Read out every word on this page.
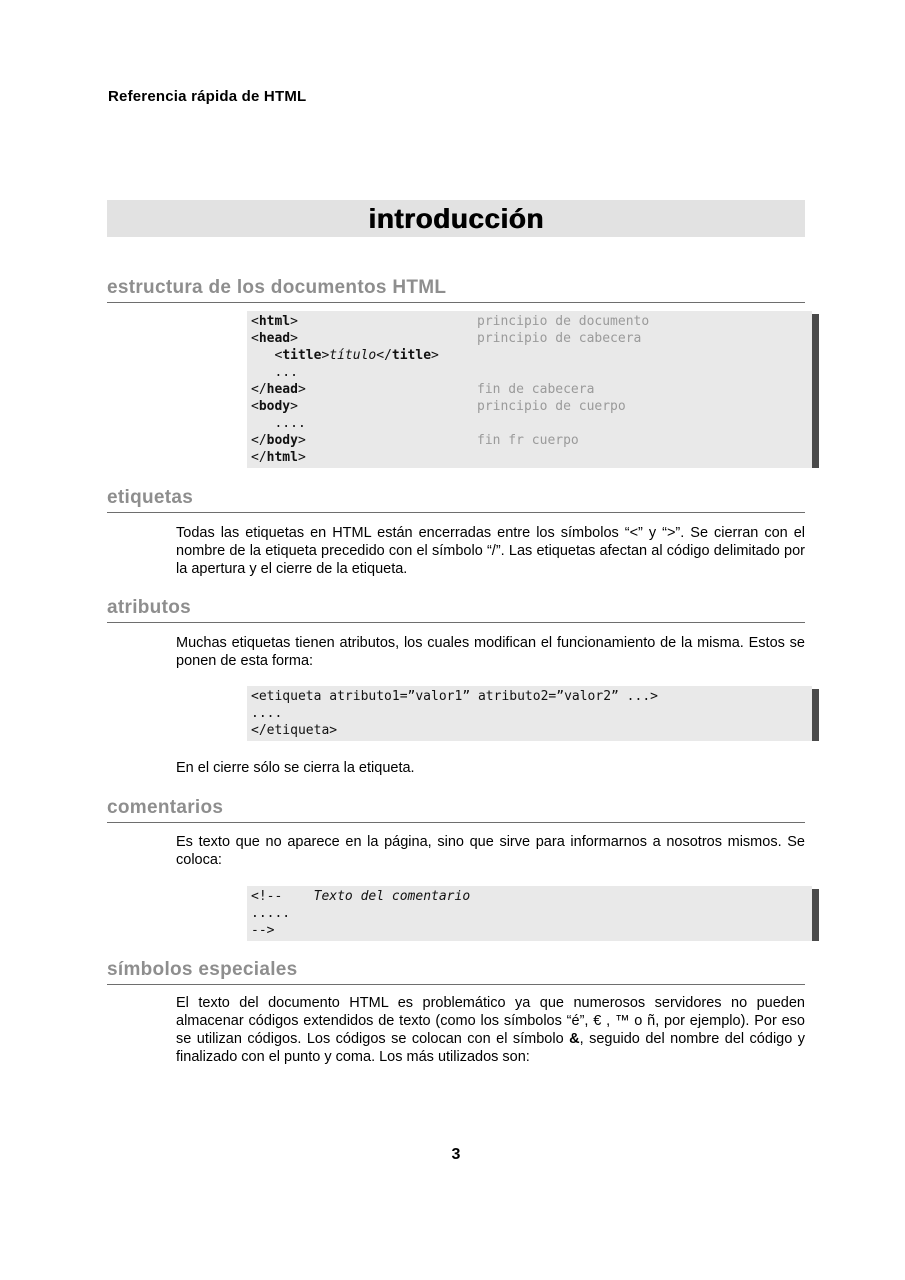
Referencia rápida de HTML
introducción
estructura de los documentos HTML
<html>	principio de documento
<head>	principio de cabecera
<title>título</title>
...
</head>	fin de cabecera
<body>	principio de cuerpo
....
</body>	fin fr cuerpo
</html>
etiquetas

Todas las etiquetas en HTML están encerradas entre los símbolos “<” y “>”. Se cierran con el nombre de la etiqueta precedido con el símbolo “/”. Las etiquetas afectan al código delimitado por la apertura y el cierre de la etiqueta.

atributos

Muchas etiquetas tienen atributos, los cuales modifican el funcionamiento de la misma. Estos se ponen de esta forma:

<etiqueta atributo1=”valor1” atributo2=”valor2” ...>
....
</etiqueta>

En el cierre sólo se cierra la etiqueta.

comentarios

Es texto que no aparece en la página, sino que sirve para informarnos a nosotros mismos. Se coloca:

<!--    Texto del comentario
.....
-->
símbolos especiales

El texto del documento HTML es problemático ya que numerosos servidores no pueden almacenar códigos extendidos de texto (como los símbolos “é”, € , ™ o ñ, por ejemplo). Por eso se utilizan códigos. Los códigos se colocan con el símbolo &, seguido del nombre del código y finalizado con el punto y coma. Los más utilizados son:

3
